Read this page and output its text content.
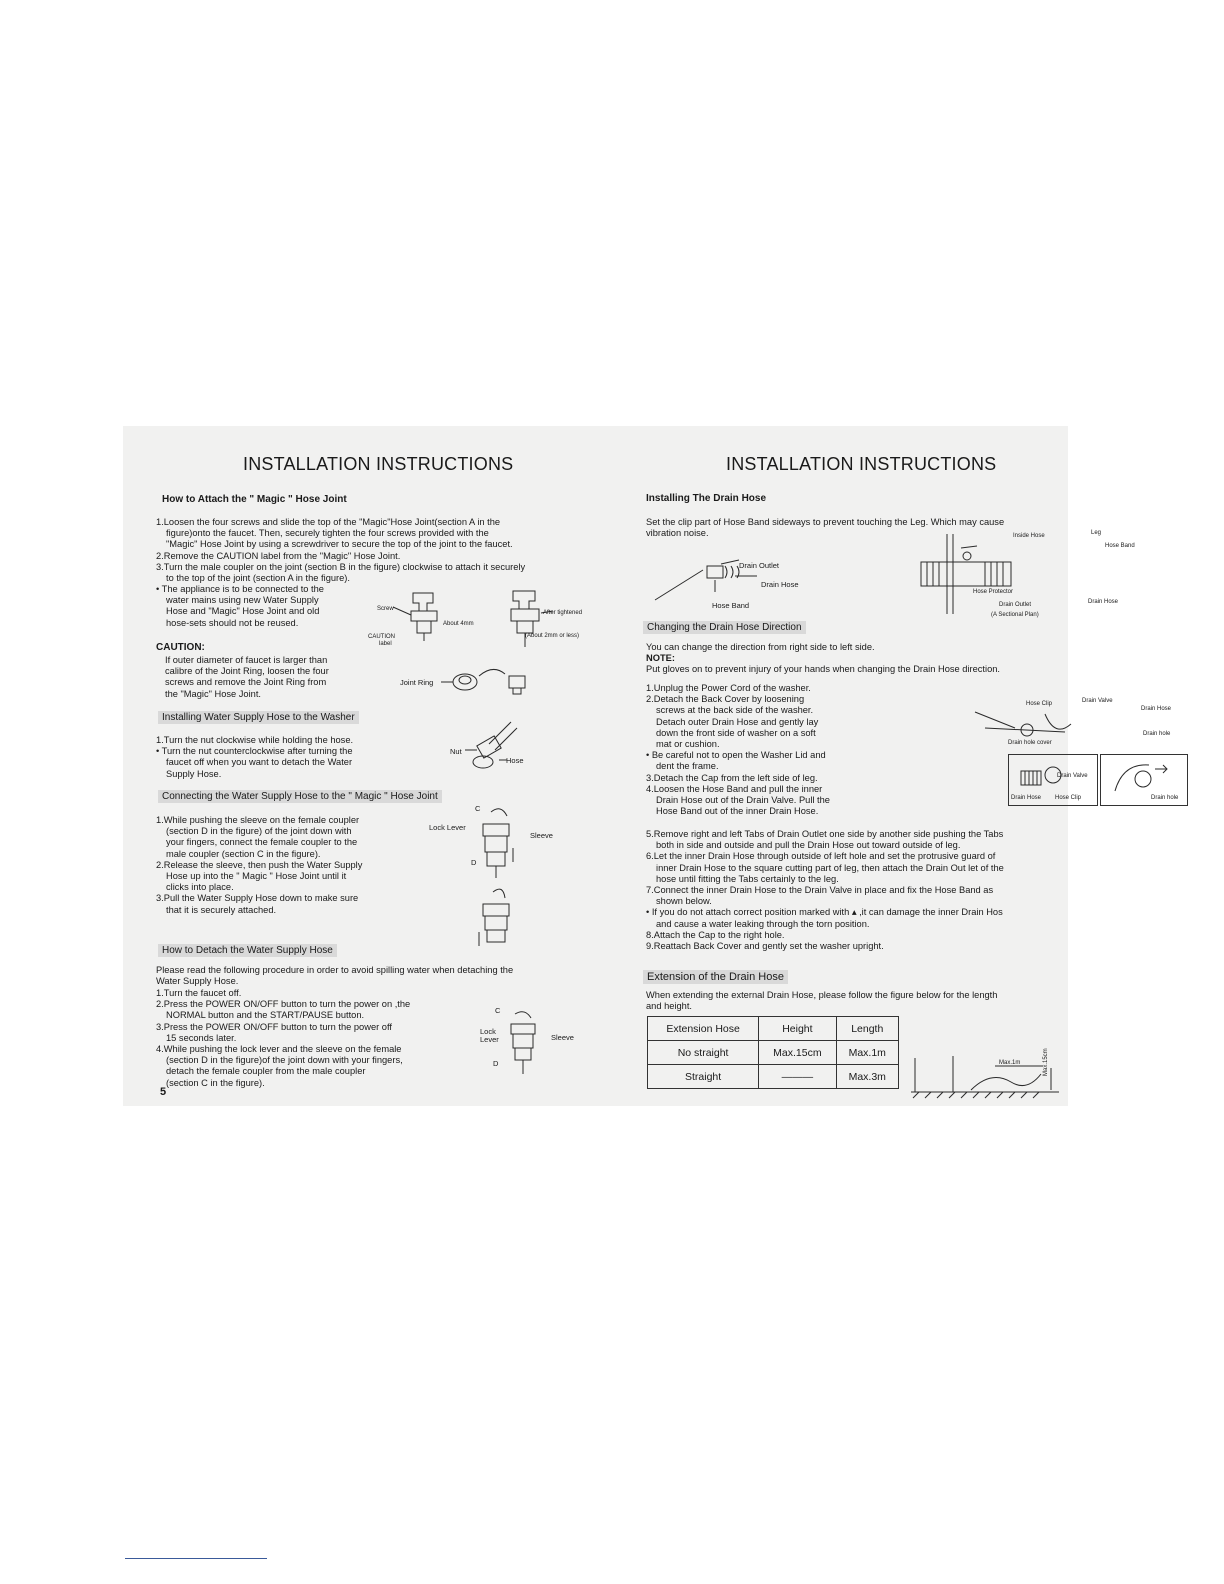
INSTALLATION INSTRUCTIONS
How to Attach the " Magic " Hose Joint

1.Loosen the four screws and slide the top of the "Magic"Hose Joint(section A in the

figure)onto the faucet. Then, securely tighten the four screws provided with the

"Magic" Hose Joint by using a screwdriver to secure the top of the joint to the faucet.

2.Remove the CAUTION label from the "Magic" Hose Joint.

3.Turn the male coupler on the joint (section B in the figure) clockwise to attach it securely

to the top of the joint (section A in the figure).

• The appliance is to be connected to the

water mains using new Water Supply

Hose and "Magic" Hose Joint and old

hose-sets should not be reused.

Screw
About 4mm
CAUTION
label
After tightened
(About 2mm or less)
CAUTION:

If outer diameter of faucet is larger than

calibre of the Joint Ring, loosen the four

screws and remove the Joint Ring from

the "Magic" Hose Joint.

Joint Ring
Installing Water Supply Hose to the Washer

1.Turn the nut clockwise while holding the hose.

• Turn the nut counterclockwise after turning the

faucet off when you want to detach the Water

Supply Hose.

Nut
Hose
Connecting the Water Supply Hose to the " Magic " Hose Joint

1.While pushing the sleeve on the female coupler

(section D in the figure) of the joint down with

your fingers, connect the female coupler to the

male coupler (section C in the figure).

2.Release the sleeve, then push the Water Supply

Hose up into the " Magic " Hose Joint until it

clicks into place.

3.Pull the Water Supply Hose down to make sure

that it is securely attached.

C
Lock Lever
Sleeve
D
How to Detach the Water Supply Hose

Please read the following procedure in order to avoid spilling water when detaching the

Water Supply Hose.

1.Turn the faucet off.

2.Press the POWER ON/OFF button to turn the power on ,the

NORMAL button and the START/PAUSE button.

3.Press the POWER ON/OFF button to turn the power off

15 seconds later.

4.While pushing the lock lever and the sleeve on the female

(section D in the figure)of the joint down with your fingers,

detach the female coupler from the male coupler

(section C in the figure).

C
Lock
Lever	Sleeve
D
5
INSTALLATION INSTRUCTIONS
Installing The Drain Hose

Set the clip part of Hose Band sideways to prevent touching the Leg. Which may cause

vibration noise.

Drain Outlet
Drain Hose
Hose Band
Inside Hose	Leg
Hose Band
Hose Protector
Drain Outlet
(A Sectional Plan)
Drain Hose
Changing the Drain Hose Direction

You can change the direction from right side to left side.

NOTE:

Put gloves on to prevent injury of your hands when changing the Drain Hose direction.

1.Unplug the Power Cord of the washer.

2.Detach the Back Cover by loosening

screws at the back side of the washer.

Detach outer Drain Hose and gently lay

down the front side of washer on a soft

mat or cushion.

• Be careful not to open the Washer Lid and

dent the frame.

3.Detach the Cap from the left side of leg.

4.Loosen the Hose Band and pull the inner

Drain Hose out of the Drain Valve. Pull the

Hose Band out of the inner Drain Hose.

Hose Clip	Drain Valve
Drain Hose
Drain hole
Drain hole cover
Drain Valve
Drain Hose Hose Clip	Drain hole

5.Remove right and left Tabs of Drain Outlet one side by another side pushing the Tabs

both in side and outside and pull the Drain Hose out toward outside of leg.

6.Let the inner Drain Hose through outside of left hole and set the protrusive guard of

inner Drain Hose to the square cutting part of leg, then attach the Drain Out let of the

hose until fitting the Tabs certainly to the leg.

7.Connect the inner Drain Hose to the Drain Valve in place and fix the Hose Band as

shown below.

• If you do not attach correct position marked with ▴ ,it can damage the inner Drain Hos

and cause a water leaking through the torn position.

8.Attach the Cap to the right hole.

9.Reattach Back Cover and gently set the washer upright.

Extension of the Drain Hose

When extending the external Drain Hose, please follow the figure below for the length

and height.

Extension Hose	Height	Length
No straight	Max.15cm	Max.1m
Straight	———	Max.3m
Max.1m	Max.15cm
